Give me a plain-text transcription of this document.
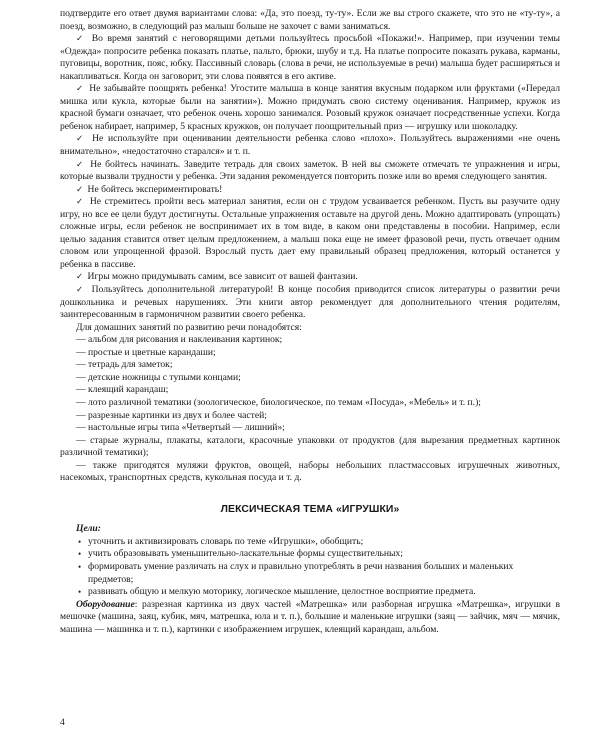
подтвердите его ответ двумя вариантами слова: «Да, это поезд, ту-ту». Если же вы строго скажете, что это не «ту-ту», а поезд, возможно, в следующий раз малыш больше не захочет с вами заниматься.

✓ Во время занятий с неговорящими детьми пользуйтесь просьбой «Покажи!». Например, при изучении темы «Одежда» попросите ребенка показать платье, пальто, брюки, шубу и т.д. На платье попросите показать рукава, карманы, пуговицы, воротник, пояс, юбку. Пассивный словарь (слова в речи, не используемые в речи) малыша будет расширяться и накапливаться. Когда он заговорит, эти слова появятся в его активе.

✓ Не забывайте поощрять ребенка! Угостите малыша в конце занятия вкусным подарком или фруктами («Передал мишка или кукла, которые были на занятии»). Можно придумать свою систему оценивания. Например, кружок из красной бумаги означает, что ребенок очень хорошо занимался. Розовый кружок означает посредственные успехи. Когда ребенок набирает, например, 5 красных кружков, он получает поощрительный приз — игрушку или шоколадку.

✓ Не используйте при оценивании деятельности ребенка слово «плохо». Пользуйтесь выражениями «не очень внимательно», «недостаточно старался» и т. п.

✓ Не бойтесь начинать. Заведите тетрадь для своих заметок. В ней вы сможете отмечать те упражнения и игры, которые вызвали трудности у ребенка. Эти задания рекомендуется повторить позже или во время следующего занятия.

✓ Не бойтесь экспериментировать!

✓ Не стремитесь пройти весь материал занятия, если он с трудом усваивается ребенком. Пусть вы разучите одну игру, но все ее цели будут достигнуты. Остальные упражнения оставьте на другой день. Можно адаптировать (упрощать) сложные игры, если ребенок не воспринимает их в том виде, в каком они представлены в пособии. Например, если целью задания ставится ответ целым предложением, а малыш пока еще не имеет фразовой речи, пусть отвечает одним словом или упрощенной фразой. Взрослый пусть дает ему правильный образец предложения, который останется у ребенка в пассиве.

✓ Игры можно придумывать самим, все зависит от вашей фантазии.

✓ Пользуйтесь дополнительной литературой! В конце пособия приводится список литературы о развитии речи дошкольника и речевых нарушениях. Эти книги автор рекомендует для дополнительного чтения родителям, заинтересованным в гармоничном развитии своего ребенка.

Для домашних занятий по развитию речи понадобятся:

— альбом для рисования и наклеивания картинок;

— простые и цветные карандаши;

— тетрадь для заметок;

— детские ножницы с тупыми концами;

— клеящий карандаш;

— лото различной тематики (зоологическое, биологическое, по темам «Посуда», «Мебель» и т. п.);

— разрезные картинки из двух и более частей;

— настольные игры типа «Четвертый — лишний»;

— старые журналы, плакаты, каталоги, красочные упаковки от продуктов (для вырезания предметных картинок различной тематики);

— также пригодятся муляжи фруктов, овощей, наборы небольших пластмассовых игрушечных животных, насекомых, транспортных средств, кукольная посуда и т. д.

ЛЕКСИЧЕСКАЯ ТЕМА «ИГРУШКИ»

Цели:

• уточнить и активизировать словарь по теме «Игрушки», обобщить;
• учить образовывать уменьшительно-ласкательные формы существительных;
• формировать умение различать на слух и правильно употреблять в речи названия больших и маленьких предметов;
• развивать общую и мелкую моторику, логическое мышление, целостное восприятие предмета.

Оборудование: разрезная картинка из двух частей «Матрешка» или разборная игрушка «Матрешка», игрушки в мешочке (машина, заяц, кубик, мяч, матрешка, юла и т. п.), большие и маленькие игрушки (заяц — зайчик, мяч — мячик, машина — машинка и т. п.), картинки с изображением игрушек, клеящий карандаш, альбом.

4
